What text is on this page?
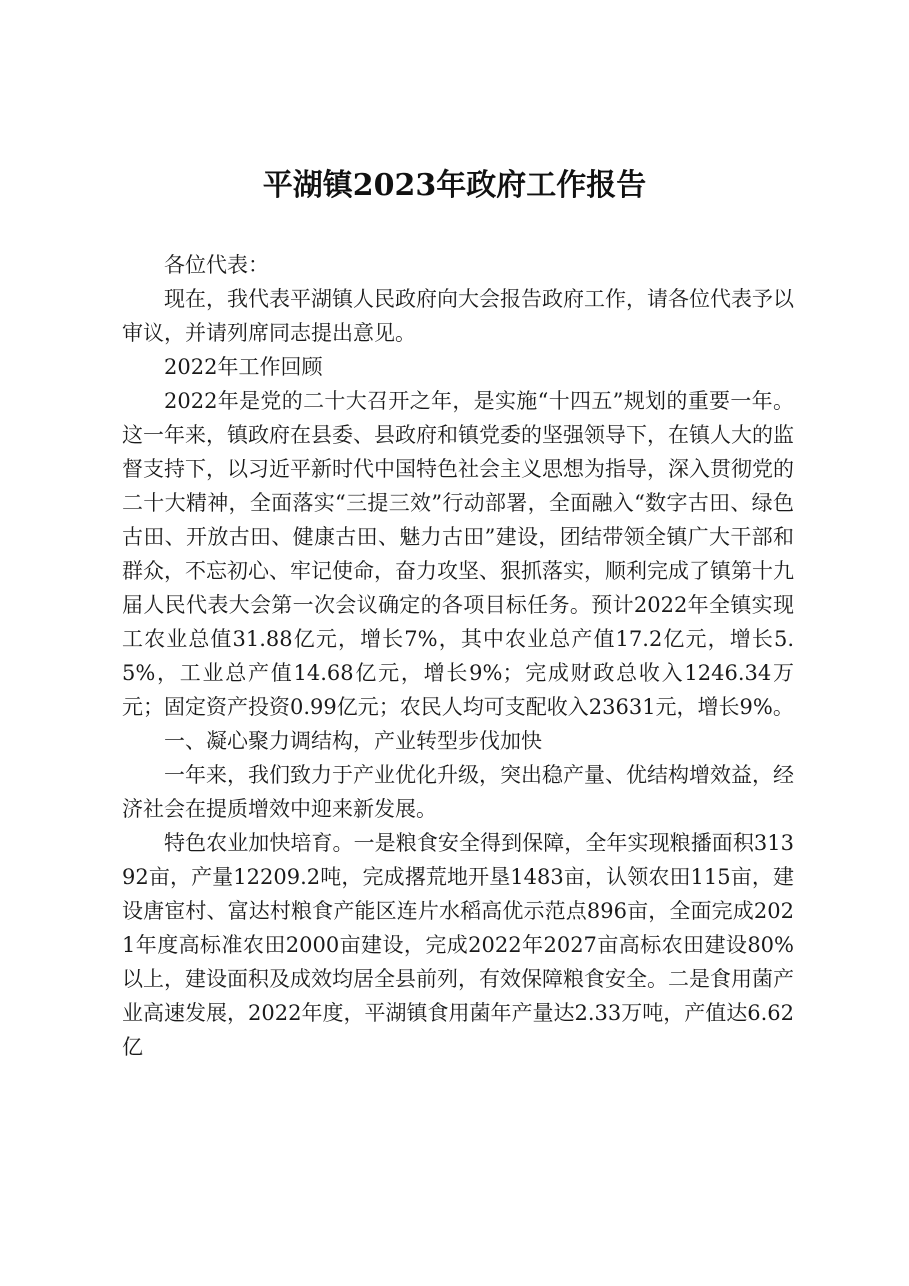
平湖镇2023年政府工作报告

各位代表：

现在，我代表平湖镇人民政府向大会报告政府工作，请各位代表予以审议，并请列席同志提出意见。

2022年工作回顾

2022年是党的二十大召开之年，是实施“十四五”规划的重要一年。这一年来，镇政府在县委、县政府和镇党委的坚强领导下，在镇人大的监督支持下，以习近平新时代中国特色社会主义思想为指导，深入贯彻党的二十大精神，全面落实“三提三效”行动部署，全面融入“数字古田、绿色古田、开放古田、健康古田、魅力古田”建设，团结带领全镇广大干部和群众，不忘初心、牢记使命，奋力攻坚、狠抓落实，顺利完成了镇第十九届人民代表大会第一次会议确定的各项目标任务。预计2022年全镇实现工农业总值31.88亿元，增长7%，其中农业总产值17.2亿元，增长5.5%，工业总产值14.68亿元，增长9%；完成财政总收入1246.34万元；固定资产投资0.99亿元；农民人均可支配收入23631元，增长9%。

一、凝心聚力调结构，产业转型步伐加快

一年来，我们致力于产业优化升级，突出稳产量、优结构增效益，经济社会在提质增效中迎来新发展。

特色农业加快培育。一是粮食安全得到保障，全年实现粮播面积31392亩，产量12209.2吨，完成撂荒地开垦1483亩，认领农田115亩，建设唐宦村、富达村粮食产能区连片水稻高优示范点896亩，全面完成2021年度高标准农田2000亩建设，完成2022年2027亩高标农田建设80%以上，建设面积及成效均居全县前列，有效保障粮食安全。二是食用菌产业高速发展，2022年度，平湖镇食用菌年产量达2.33万吨，产值达6.62亿
